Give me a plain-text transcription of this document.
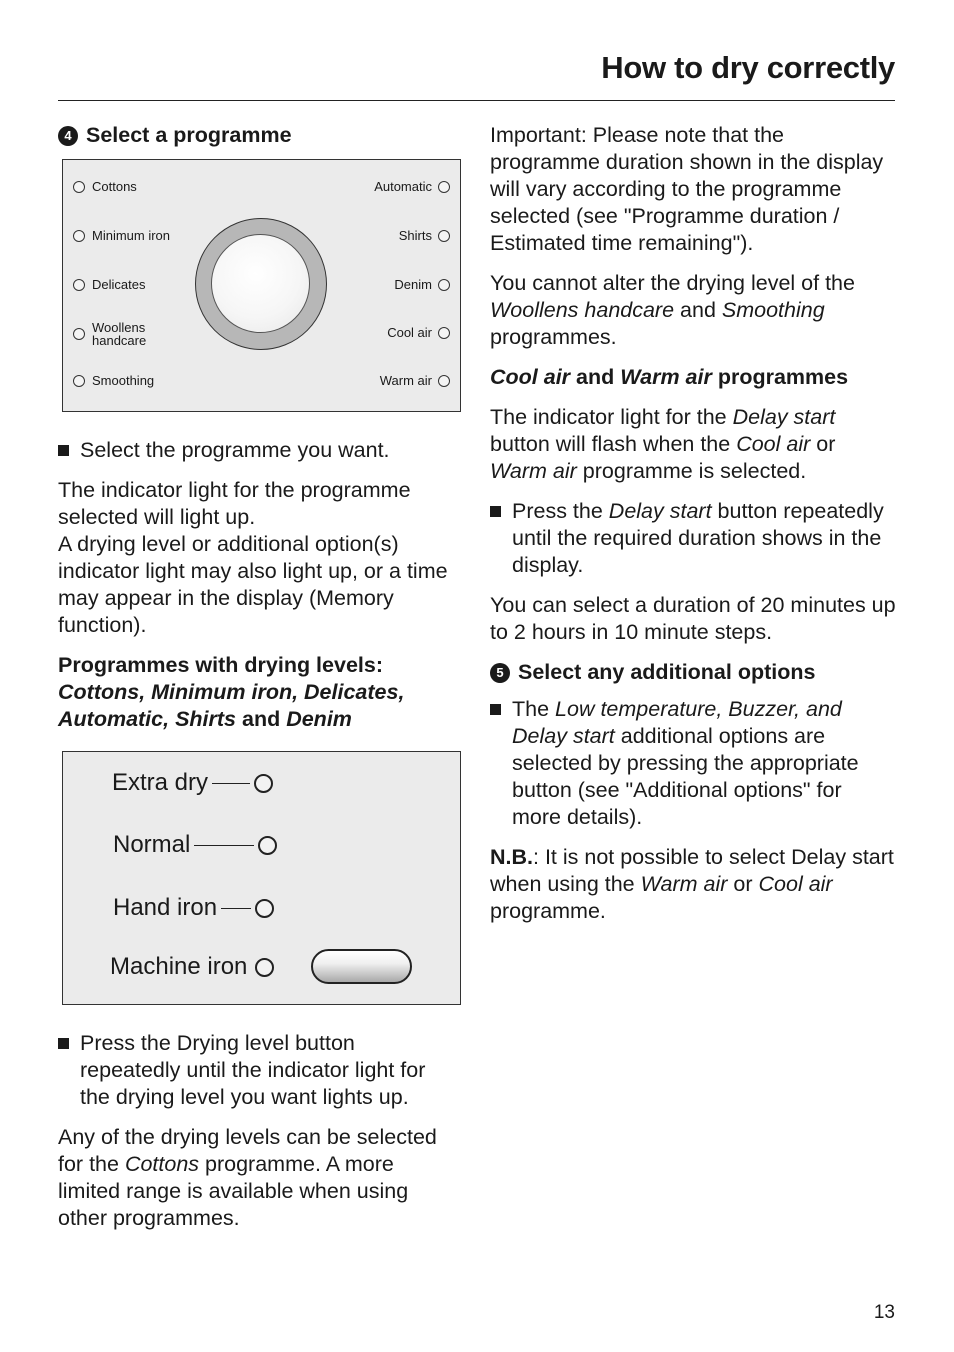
How to dry correctly
4 Select a programme
Cottons
Minimum iron
Delicates
Woollens handcare
Smoothing
Automatic
Shirts
Denim
Cool air
Warm air
Select the programme you want.

The indicator light for the programme selected will light up.

A drying level or additional option(s) indicator light may also light up, or a time may appear in the display (Memory function).

Programmes with drying levels:
Cottons, Minimum iron, Delicates, Automatic, Shirts and Denim

Extra dry
Normal
Hand iron
Machine iron
Press the Drying level button repeatedly until the indicator light for the drying level you want lights up.

Any of the drying levels can be selected for the Cottons programme. A more limited range is available when using other programmes.

Important: Please note that the programme duration shown in the display will vary according to the programme selected (see "Programme duration / Estimated time remaining").

You cannot alter the drying level of the Woollens handcare and Smoothing programmes.

Cool air and Warm air programmes

The indicator light for the Delay start button will flash when the Cool air or Warm air programme is selected.

Press the Delay start button repeatedly until the required duration shows in the display.

You can select a duration of 20 minutes up to 2 hours in 10 minute steps.

5 Select any additional options
The Low temperature, Buzzer, and Delay start additional options are selected by pressing the appropriate button (see "Additional options" for more details).

N.B.: It is not possible to select Delay start when using the Warm air or Cool air programme.

13
